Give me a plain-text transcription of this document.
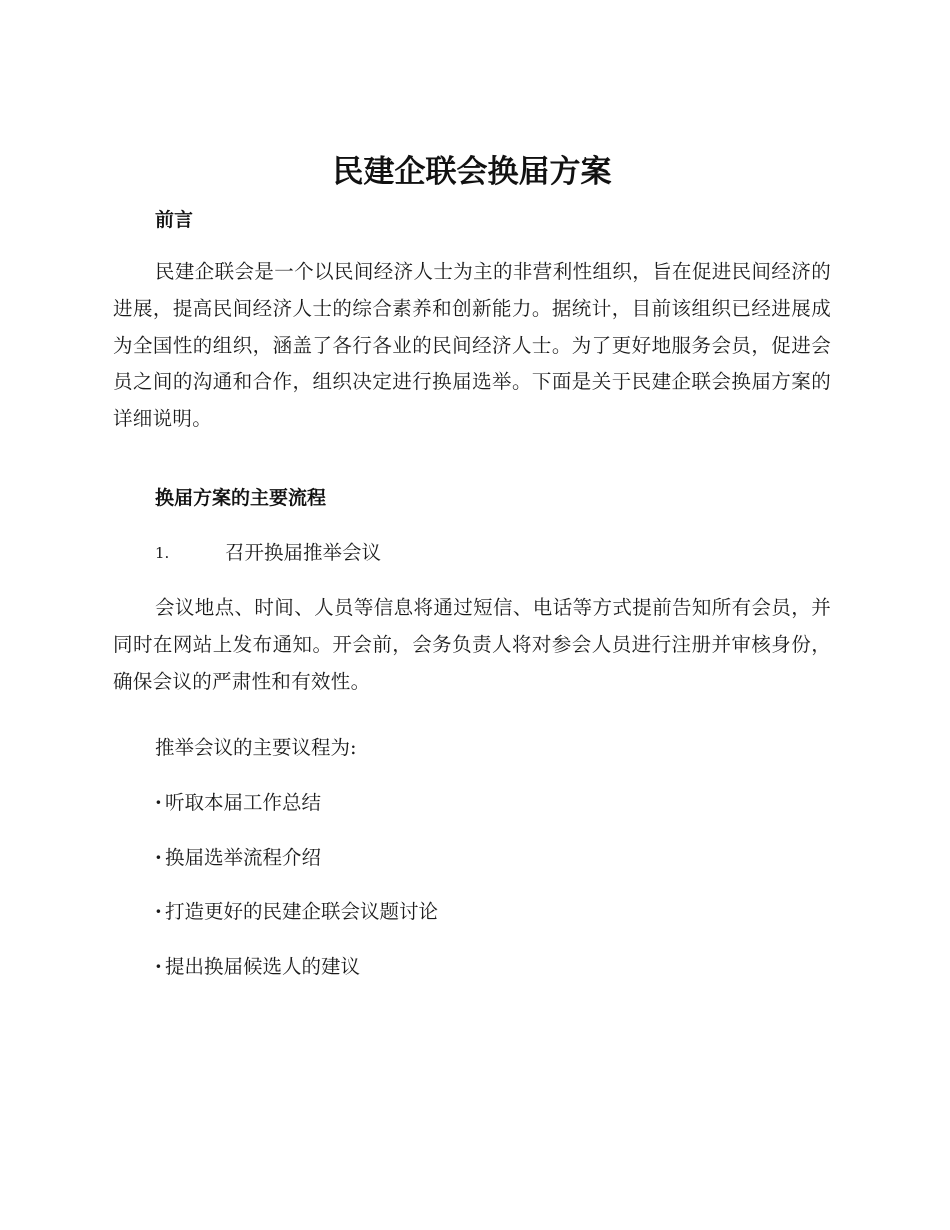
民建企联会换届方案
前言

民建企联会是一个以民间经济人士为主的非营利性组织，旨在促进民间经济的进展，提高民间经济人士的综合素养和创新能力。据统计，目前该组织已经进展成为全国性的组织，涵盖了各行各业的民间经济人士。为了更好地服务会员，促进会员之间的沟通和合作，组织决定进行换届选举。下面是关于民建企联会换届方案的详细说明。

换届方案的主要流程
1.	召开换届推举会议

会议地点、时间、人员等信息将通过短信、电话等方式提前告知所有会员，并同时在网站上发布通知。开会前，会务负责人将对参会人员进行注册并审核身份，确保会议的严肃性和有效性。

推举会议的主要议程为:

· 听取本届工作总结
· 换届选举流程介绍
· 打造更好的民建企联会议题讨论
· 提出换届候选人的建议
